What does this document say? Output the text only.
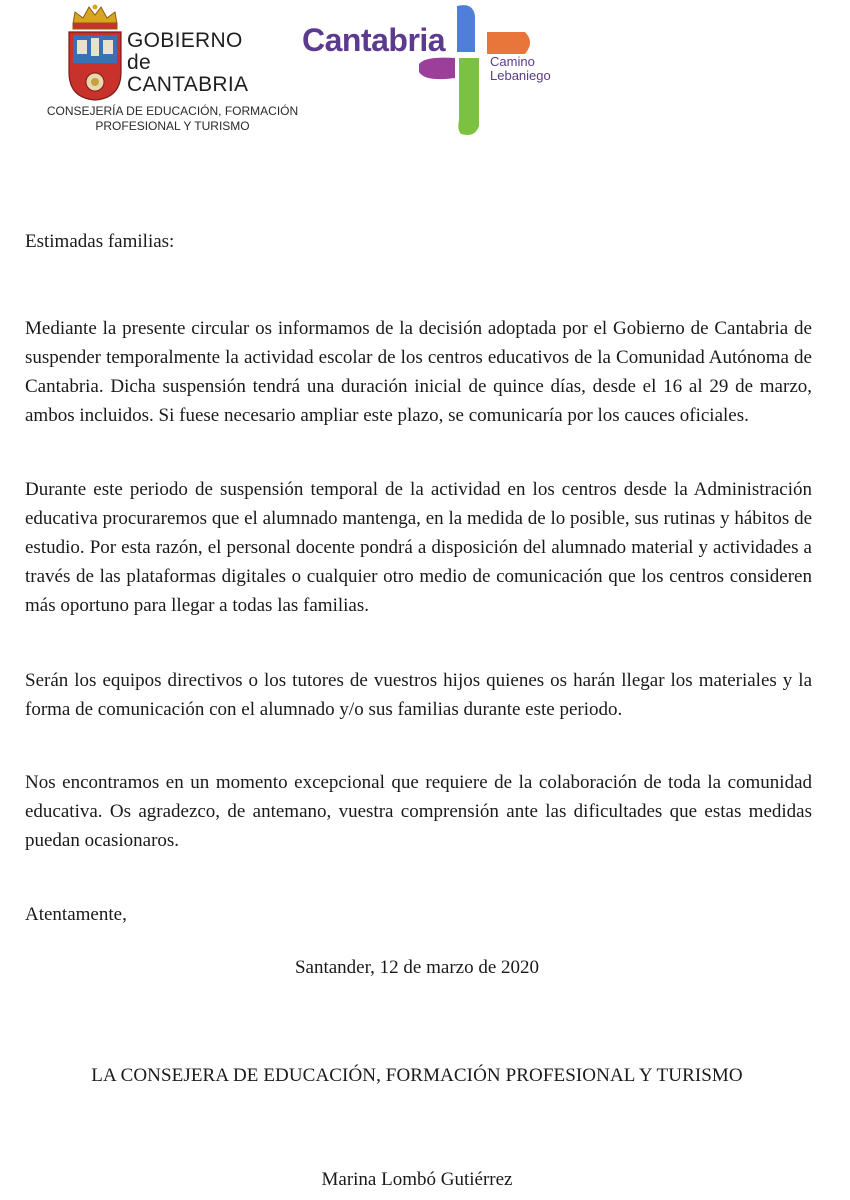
GOBIERNO
de
CANTABRIA
CONSEJERÍA DE EDUCACIÓN, FORMACIÓN
PROFESIONAL Y TURISMO
Cantabria
Camino
Lebaniego
Estimadas familias:
Mediante la presente circular os informamos de la decisión adoptada por el Gobierno de Cantabria de suspender temporalmente la actividad escolar de los centros educativos de la Comunidad Autónoma de Cantabria. Dicha suspensión tendrá una duración inicial de quince días, desde el 16 al 29 de marzo, ambos incluidos. Si fuese necesario ampliar este plazo, se comunicaría por los cauces oficiales.
Durante este periodo de suspensión temporal de la actividad en los centros desde la Administración educativa procuraremos que el alumnado mantenga, en la medida de lo posible, sus rutinas y hábitos de estudio. Por esta razón, el personal docente pondrá a disposición del alumnado material y actividades a través de las plataformas digitales o cualquier otro medio de comunicación que los centros consideren más oportuno para llegar a todas las familias.
Serán los equipos directivos o los tutores de vuestros hijos quienes os harán llegar los materiales y la forma de comunicación con el alumnado y/o sus familias durante este periodo.
Nos encontramos en un momento excepcional que requiere de la colaboración de toda la comunidad educativa. Os agradezco, de antemano, vuestra comprensión ante las dificultades que estas medidas puedan ocasionaros.
Atentamente,
Santander, 12 de marzo de 2020
LA CONSEJERA DE EDUCACIÓN, FORMACIÓN PROFESIONAL Y TURISMO
Marina Lombó Gutiérrez
